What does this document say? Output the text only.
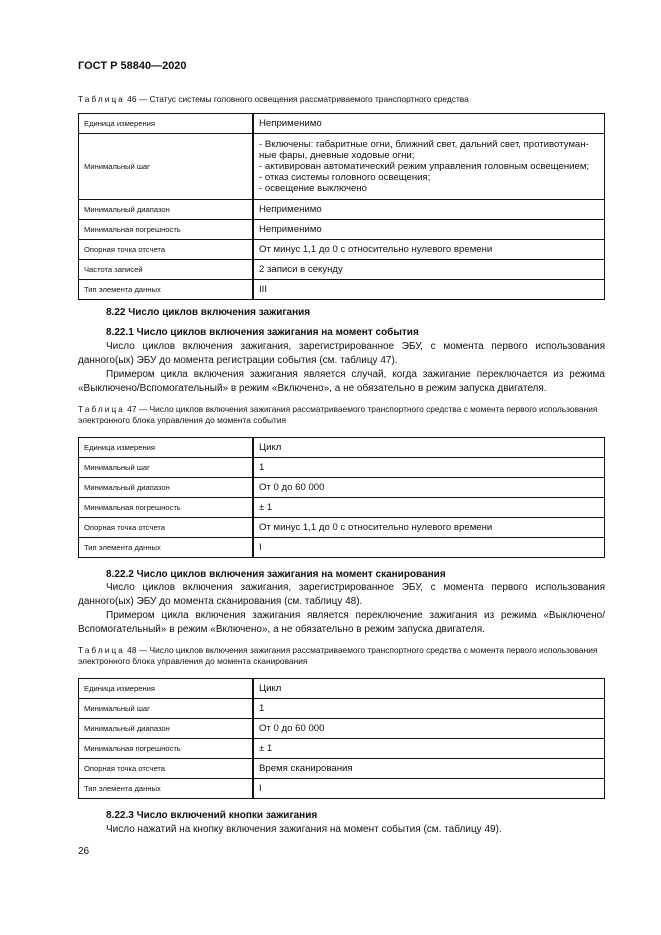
ГОСТ Р 58840—2020
Таблица 46 — Статус системы головного освещения рассматриваемого транспортного средства
Единица измерения	Неприменимо
Минимальный шаг	- Включены: габаритные огни, ближний свет, дальний свет, противотуман-ные фары, дневные ходовые огни;
- активирован автоматический режим управления головным освещением;
- отказ системы головного освещения;
- освещение выключено

Минимальный диапазон	Неприменимо
Минимальная погрешность	Неприменимо
Опорная точка отсчета	От минус 1,1 до 0 с относительно нулевого времени
Частота записей	2 записи в секунду
Тип элемента данных	III
8.22 Число циклов включения зажигания
8.22.1 Число циклов включения зажигания на момент события
Число циклов включения зажигания, зарегистрированное ЭБУ, с момента первого использования данного(ых) ЭБУ до момента регистрации события (см. таблицу 47).
Примером цикла включения зажигания является случай, когда зажигание переключается из режима «Выключено/Вспомогательный» в режим «Включено», а не обязательно в режим запуска двигателя.
Таблица 47 — Число циклов включения зажигания рассматриваемого транспортного средства с момента первого использования электронного блока управления до момента события
Единица измерения	Цикл
Минимальный шаг	1
Минимальный диапазон	От 0 до 60 000
Минимальная погрешность	± 1
Опорная точка отсчета	От минус 1,1 до 0 с относительно нулевого времени
Тип элемента данных	I
8.22.2 Число циклов включения зажигания на момент сканирования
Число циклов включения зажигания, зарегистрированное ЭБУ, с момента первого использования данного(ых) ЭБУ до момента сканирования (см. таблицу 48).
Примером цикла включения зажигания является переключение зажигания из режима «Выключено/Вспомогательный» в режим «Включено», а не обязательно в режим запуска двигателя.
Таблица 48 — Число циклов включения зажигания рассматриваемого транспортного средства с момента первого использования электронного блока управления до момента сканирования
Единица измерения	Цикл
Минимальный шаг	1
Минимальный диапазон	От 0 до 60 000
Минимальная погрешность	± 1
Опорная точка отсчета	Время сканирования
Тип элемента данных	I
8.22.3 Число включений кнопки зажигания
Число нажатий на кнопку включения зажигания на момент события (см. таблицу 49).
26
